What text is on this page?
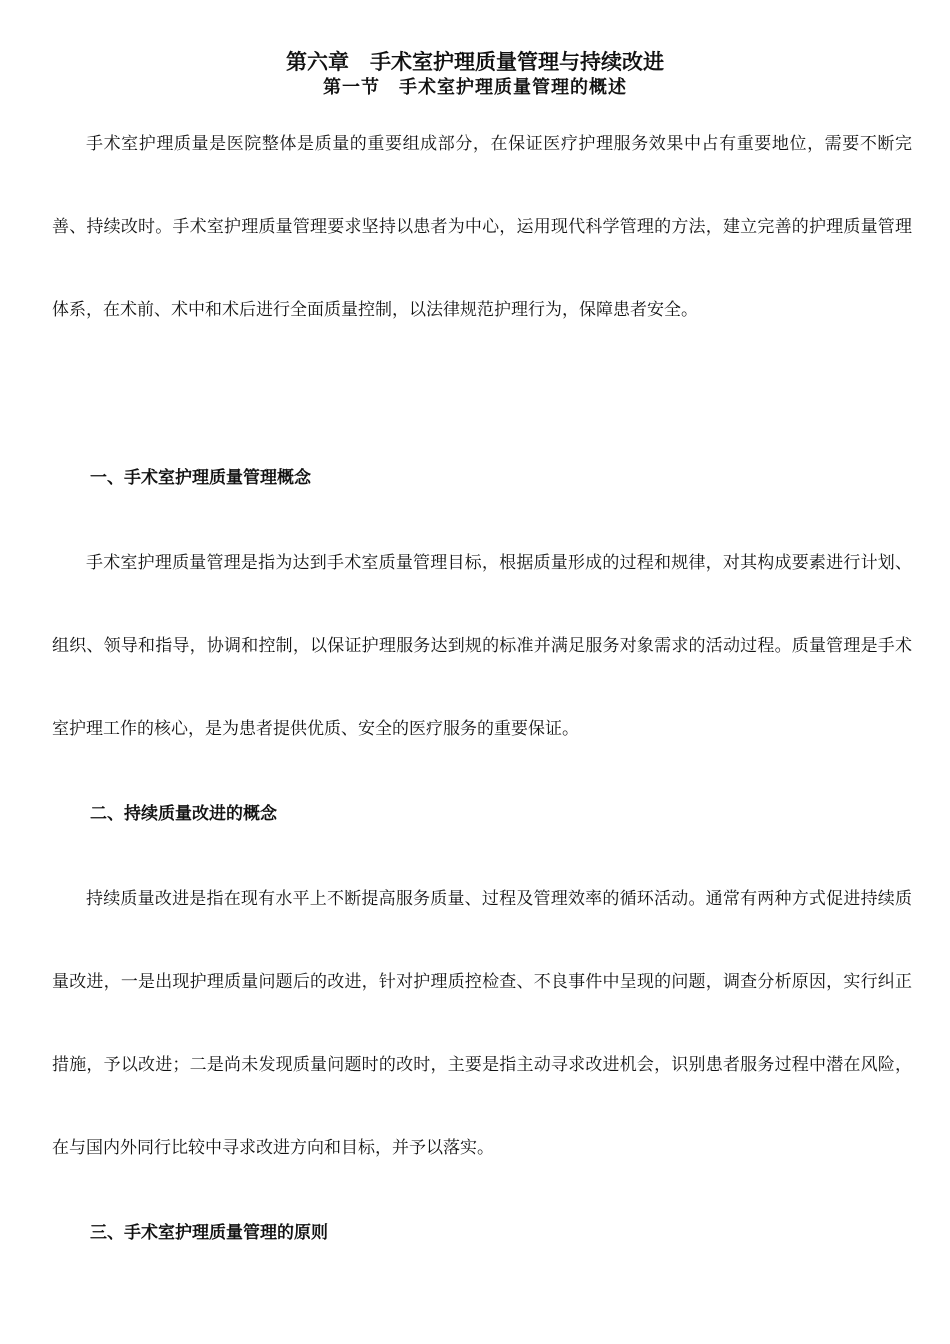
第六章　手术室护理质量管理与持续改进
第一节　手术室护理质量管理的概述

手术室护理质量是医院整体是质量的重要组成部分，在保证医疗护理服务效果中占有重要地位，需要不断完善、持续改时。手术室护理质量管理要求坚持以患者为中心，运用现代科学管理的方法，建立完善的护理质量管理体系，在术前、术中和术后进行全面质量控制，以法律规范护理行为，保障患者安全。

一、手术室护理质量管理概念

手术室护理质量管理是指为达到手术室质量管理目标，根据质量形成的过程和规律，对其构成要素进行计划、组织、领导和指导，协调和控制，以保证护理服务达到规的标准并满足服务对象需求的活动过程。质量管理是手术室护理工作的核心，是为患者提供优质、安全的医疗服务的重要保证。

二、持续质量改进的概念

持续质量改进是指在现有水平上不断提高服务质量、过程及管理效率的循环活动。通常有两种方式促进持续质量改进，一是出现护理质量问题后的改进，针对护理质控检查、不良事件中呈现的问题，调查分析原因，实行纠正措施，予以改进；二是尚未发现质量问题时的改时，主要是指主动寻求改进机会，识别患者服务过程中潜在风险，在与国内外同行比较中寻求改进方向和目标，并予以落实。

三、手术室护理质量管理的原则
